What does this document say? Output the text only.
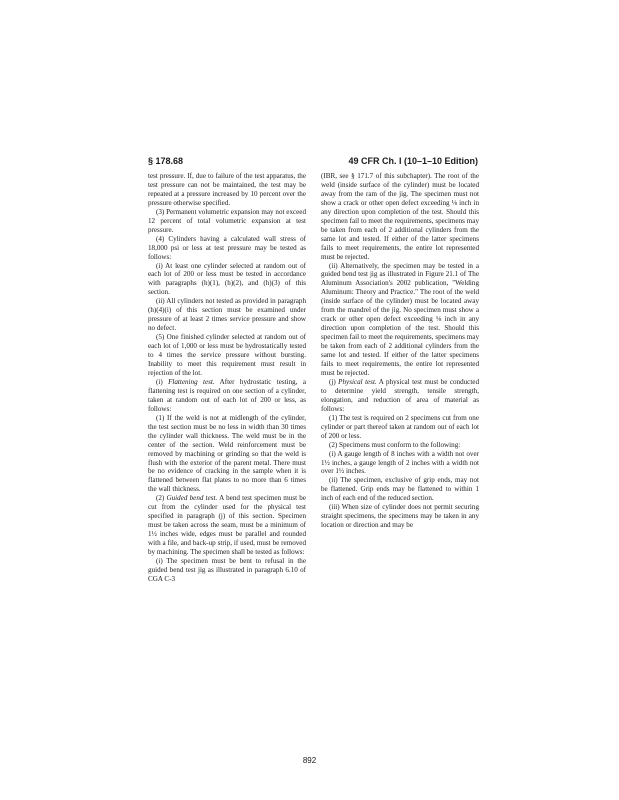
§ 178.68	49 CFR Ch. I (10–1–10 Edition)

test pressure. If, due to failure of the test apparatus, the test pressure can not be maintained, the test may be repeated at a pressure increased by 10 percent over the pressure otherwise specified.

(3) Permanent volumetric expansion may not exceed 12 percent of total volumetric expansion at test pressure.

(4) Cylinders having a calculated wall stress of 18,000 psi or less at test pressure may be tested as follows:

(i) At least one cylinder selected at random out of each lot of 200 or less must be tested in accordance with paragraphs (h)(1), (h)(2), and (h)(3) of this section.

(ii) All cylinders not tested as provided in paragraph (h)(4)(i) of this section must be examined under pressure of at least 2 times service pressure and show no defect.

(5) One finished cylinder selected at random out of each lot of 1,000 or less must be hydrostatically tested to 4 times the service pressure without bursting. Inability to meet this requirement must result in rejection of the lot.

(i) Flattening test. After hydrostatic testing, a flattening test is required on one section of a cylinder, taken at random out of each lot of 200 or less, as follows:

(1) If the weld is not at midlength of the cylinder, the test section must be no less in width than 30 times the cylinder wall thickness. The weld must be in the center of the section. Weld reinforcement must be removed by machining or grinding so that the weld is flush with the exterior of the parent metal. There must be no evidence of cracking in the sample when it is flattened between flat plates to no more than 6 times the wall thickness.

(2) Guided bend test. A bend test specimen must be cut from the cylinder used for the physical test specified in paragraph (j) of this section. Specimen must be taken across the seam, must be a minimum of 1½ inches wide, edges must be parallel and rounded with a file, and back-up strip, if used, must be removed by machining. The specimen shall be tested as follows:

(i) The specimen must be bent to refusal in the guided bend test jig as illustrated in paragraph 6.10 of CGA C-3

(IBR, see § 171.7 of this subchapter). The root of the weld (inside surface of the cylinder) must be located away from the ram of the jig. The specimen must not show a crack or other open defect exceeding ⅛ inch in any direction upon completion of the test. Should this specimen fail to meet the requirements, specimens may be taken from each of 2 additional cylinders from the same lot and tested. If either of the latter specimens fails to meet requirements, the entire lot represented must be rejected.

(ii) Alternatively, the specimen may be tested in a guided bend test jig as illustrated in Figure 21.1 of The Aluminum Association's 2002 publication, "Welding Aluminum: Theory and Practice." The root of the weld (inside surface of the cylinder) must be located away from the mandrel of the jig. No specimen must show a crack or other open defect exceeding ⅛ inch in any direction upon completion of the test. Should this specimen fail to meet the requirements, specimens may be taken from each of 2 additional cylinders from the same lot and tested. If either of the latter specimens fails to meet requirements, the entire lot represented must be rejected.

(j) Physical test. A physical test must be conducted to determine yield strength, tensile strength, elongation, and reduction of area of material as follows:

(1) The test is required on 2 specimens cut from one cylinder or part thereof taken at random out of each lot of 200 or less.

(2) Specimens must conform to the following:

(i) A gauge length of 8 inches with a width not over 1½ inches, a gauge length of 2 inches with a width not over 1½ inches.

(ii) The specimen, exclusive of grip ends, may not be flattened. Grip ends may be flattened to within 1 inch of each end of the reduced section.

(iii) When size of cylinder does not permit securing straight specimens, the specimens may be taken in any location or direction and may be

892
